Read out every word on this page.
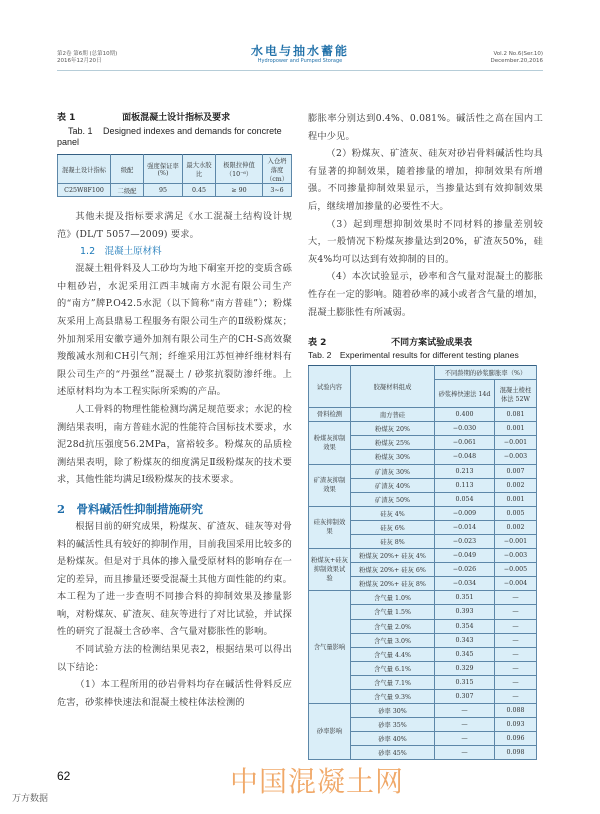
第2卷 第6期 (总第10期)
2016年12月20日
水电与抽水蓄能
Hydropower and Pumped Storage
Vol.2 No.6(Ser.10)
December.20,2016
表 1	面板混凝土设计指标及要求
Tab. 1 Designed indexes and demands for concrete panel
混凝土设计指标	级配	强度保证率(%)	最大水胶比	极限拉伸值（10⁻⁶）	入仓坍落度（cm）
C25W8F100	二级配	95	0.45	≥ 90	3~6

其他未提及指标要求满足《水工混凝土结构设计规范》(DL/T 5057—2009) 要求。

1.2　混凝土原材料

混凝土粗骨料及人工砂均为地下硐室开挖的变质含砾中粗砂岩，水泥采用江西丰城南方水泥有限公司生产的“南方”牌P.O42.5水泥（以下简称“南方普硅”）；粉煤灰采用上高县鼎易工程服务有限公司生产的Ⅱ级粉煤灰；外加剂采用安徽亨通外加剂有限公司生产的CH-S高效聚羧酸减水剂和CH引气剂；纤维采用江苏恒神纤维材料有限公司生产的“丹强丝”混凝土 / 砂浆抗裂防渗纤维。上述原材料均为本工程实际所采购的产品。

人工骨料的物理性能检测均满足规范要求；水泥的检测结果表明，南方普硅水泥的性能符合国标技术要求，水泥28d抗压强度56.2MPa，富裕较多。粉煤灰的品质检测结果表明，除了粉煤灰的细度满足Ⅱ级粉煤灰的技术要求，其他性能均满足Ⅰ级粉煤灰的技术要求。

2　骨料碱活性抑制措施研究

根据目前的研究成果，粉煤灰、矿渣灰、硅灰等对骨料的碱活性具有较好的抑制作用，目前我国采用比较多的是粉煤灰。但是对于具体的掺入量受原材料的影响存在一定的差异，而且掺量还要受混凝土其他方面性能的约束。本工程为了进一步查明不同掺合料的抑制效果及掺量影响，对粉煤灰、矿渣灰、硅灰等进行了对比试验，并试探性的研究了混凝土含砂率、含气量对膨胀性的影响。

不同试验方法的检测结果见表2，根据结果可以得出以下结论：

（1）本工程所用的砂岩骨料均存在碱活性骨料反应危害，砂浆棒快速法和混凝土棱柱体法检测的

膨胀率分别达到0.4%、0.081%。碱活性之高在国内工程中少见。

（2）粉煤灰、矿渣灰、硅灰对砂岩骨料碱活性均具有显著的抑制效果，随着掺量的增加，抑制效果有所增强。不同掺量抑制效果显示，当掺量达到有效抑制效果后，继续增加掺量的必要性不大。

（3）起到理想抑制效果时不同材料的掺量差别较大，一般情况下粉煤灰掺量达到20%，矿渣灰50%，硅灰4%均可以达到有效抑制的目的。

（4）本次试验显示，砂率和含气量对混凝土的膨胀性存在一定的影响。随着砂率的减小或者含气量的增加，混凝土膨胀性有所减弱。

表 2	不同方案试验成果表
Tab. 2 Experimental results for different testing planes
试验内容	胶凝材料组成	不同龄期的砂浆膨胀率（%）	
		砂浆棒快速法 14d	混凝土棱柱体法 52W
骨料检测	南方普硅	0.400	0.081
粉煤灰抑制效果	粉煤灰 20%	−0.030	0.001
	粉煤灰 25%	−0.061	−0.001
	粉煤灰 30%	−0.048	−0.003
矿渣灰抑制效果	矿渣灰 30%	0.213	0.007
	矿渣灰 40%	0.113	0.002
	矿渣灰 50%	0.054	0.001
硅灰抑制效果	硅灰 4%	−0.009	0.005
	硅灰 6%	−0.014	0.002
	硅灰 8%	−0.023	−0.001
粉煤灰+硅灰抑制效果试验	粉煤灰 20%+ 硅灰 4%	−0.049	−0.003
	粉煤灰 20%+ 硅灰 6%	−0.026	−0.005
	粉煤灰 20%+ 硅灰 8%	−0.034	−0.004
含气量影响	含气量 1.0%	0.351	—
	含气量 1.5%	0.393	—
	含气量 2.0%	0.354	—
	含气量 3.0%	0.343	—
	含气量 4.4%	0.345	—
	含气量 6.1%	0.329	—
	含气量 7.1%	0.315	—
	含气量 9.3%	0.307	—
砂率影响	砂率 30%	—	0.088
	砂率 35%	—	0.093
	砂率 40%	—	0.096
	砂率 45%	—	0.098
62
万方数据
中国混凝土网
